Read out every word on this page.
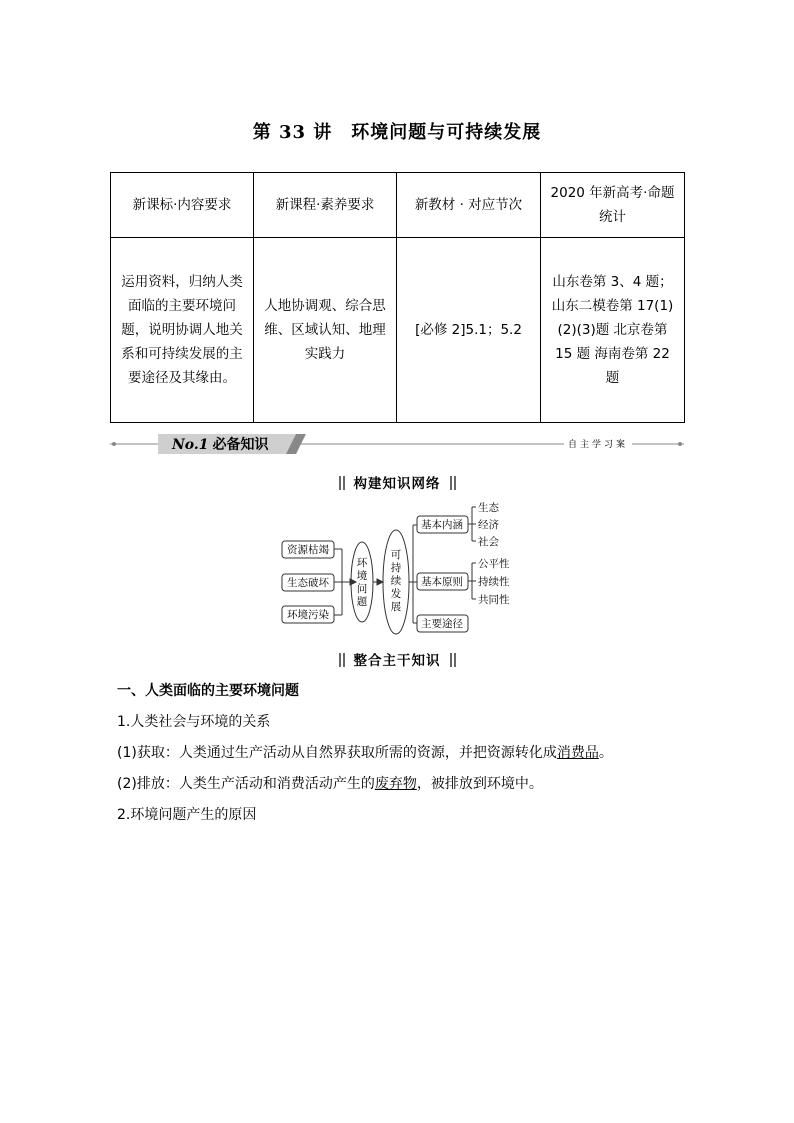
第 33 讲　环境问题与可持续发展
新课标·内容要求	新课程·素养要求	新教材 · 对应节次	2020 年新高考·命题统计
运用资料，归纳人类面临的主要环境问题，说明协调人地关系和可持续发展的主要途径及其缘由。	人地协调观、综合思维、区域认知、地理实践力	[必修 2]5.1；5.2	山东卷第 3、4 题；山东二模卷第 17(1)(2)(3)题 北京卷第 15 题 海南卷第 22 题
No.1 必备知识	自主学习案
构建知识网络
资源枯竭
生态破坏
环境污染
环境问题
可持续发展
基本内涵
基本原则
主要途径
生态
经济
社会
公平性
持续性
共同性
整合主干知识
一、人类面临的主要环境问题
1.人类社会与环境的关系
(1)获取：人类通过生产活动从自然界获取所需的资源，并把资源转化成消费品。
(2)排放：人类生产活动和消费活动产生的废弃物，被排放到环境中。
2.环境问题产生的原因
